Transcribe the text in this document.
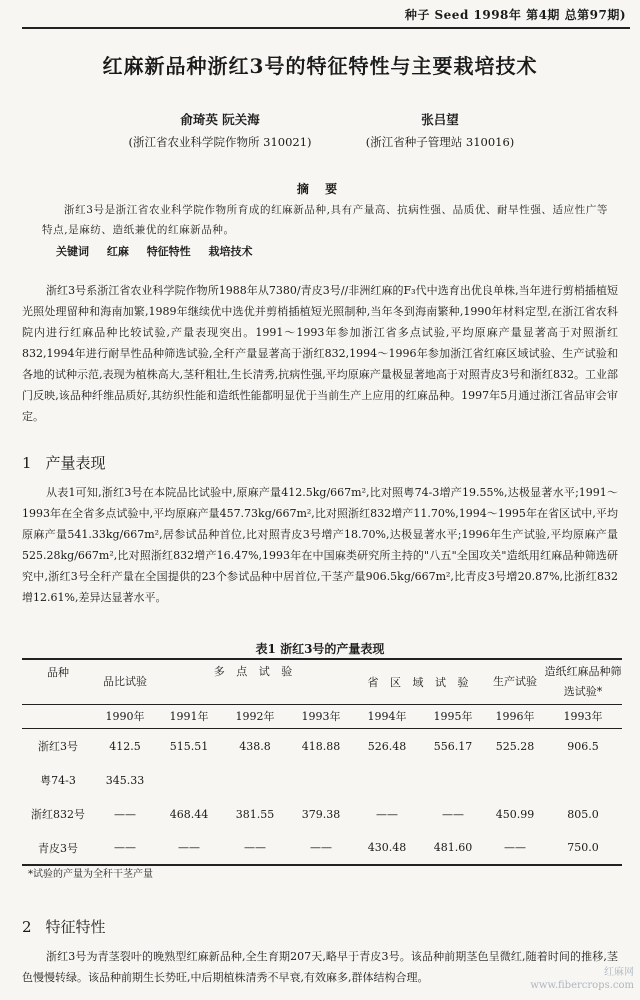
种子 Seed 1998年 第4期 总第97期)
红麻新品种浙红3号的特征特性与主要栽培技术
俞琦英 阮关海
(浙江省农业科学院作物所 310021)
张吕望
(浙江省种子管理站 310016)
摘 要
浙红3号是浙江省农业科学院作物所育成的红麻新品种,具有产量高、抗病性强、品质优、耐旱性强、适应性广等特点,是麻纺、造纸兼优的红麻新品种。
关键词 红麻 特征特性 栽培技术
浙红3号系浙江省农业科学院作物所1988年从7380/青皮3号//非洲红麻的F₃代中选育出优良单株,当年进行剪梢插植短光照处理留种和海南加繁,1989年继续优中选优并剪梢插植短光照制种,当年冬到海南繁种,1990年材料定型,在浙江省农科院内进行红麻品种比较试验,产量表现突出。1991～1993年参加浙江省多点试验,平均原麻产量显著高于对照浙红832,1994年进行耐旱性品种筛选试验,全秆产量显著高于浙红832,1994～1996年参加浙江省红麻区域试验、生产试验和各地的试种示范,表现为植株高大,茎秆粗壮,生长清秀,抗病性强,平均原麻产量极显著地高于对照青皮3号和浙红832。工业部门反映,该品种纤维品质好,其纺织性能和造纸性能都明显优于当前生产上应用的红麻品种。1997年5月通过浙江省品审会审定。
1 产量表现
从表1可知,浙红3号在本院品比试验中,原麻产量412.5kg/667m²,比对照粤74-3增产19.55%,达极显著水平;1991～1993年在全省多点试验中,平均原麻产量457.73kg/667m²,比对照浙红832增产11.70%,1994～1995年在省区试中,平均原麻产量541.33kg/667m²,居参试品种首位,比对照青皮3号增产18.70%,达极显著水平;1996年生产试验,平均原麻产量525.28kg/667m²,比对照浙红832增产16.47%,1993年在中国麻类研究所主持的"八五"全国攻关"造纸用红麻品种筛选研究中,浙红3号全秆产量在全国提供的23个参试品种中居首位,干茎产量906.5kg/667m²,比青皮3号增20.87%,比浙红832增12.61%,差异达显著水平。
表1 浙红3号的产量表现

品种	品比试验	多 点 试 验			省 区 域 试 验		生产试验	造纸红麻品种筛选试验*

	1990年	1991年	1992年	1993年	1994年	1995年	1996年	1993年

浙红3号	412.5	515.51	438.8	418.88	526.48	556.17	525.28	906.5
粤74-3	345.33							
浙红832号	——	468.44	381.55	379.38	——	——	450.99	805.0
青皮3号	——	——	——	——	430.48	481.60	——	750.0

*试验的产量为全秆干茎产量
2 特征特性
浙红3号为青茎裂叶的晚熟型红麻新品种,全生育期207天,略早于青皮3号。该品种前期茎色呈微红,随着时间的推移,茎色慢慢转绿。该品种前期生长势旺,中后期植株清秀不早衰,有效麻多,群体结构合理。	红麻网
www.fibercrops.com
